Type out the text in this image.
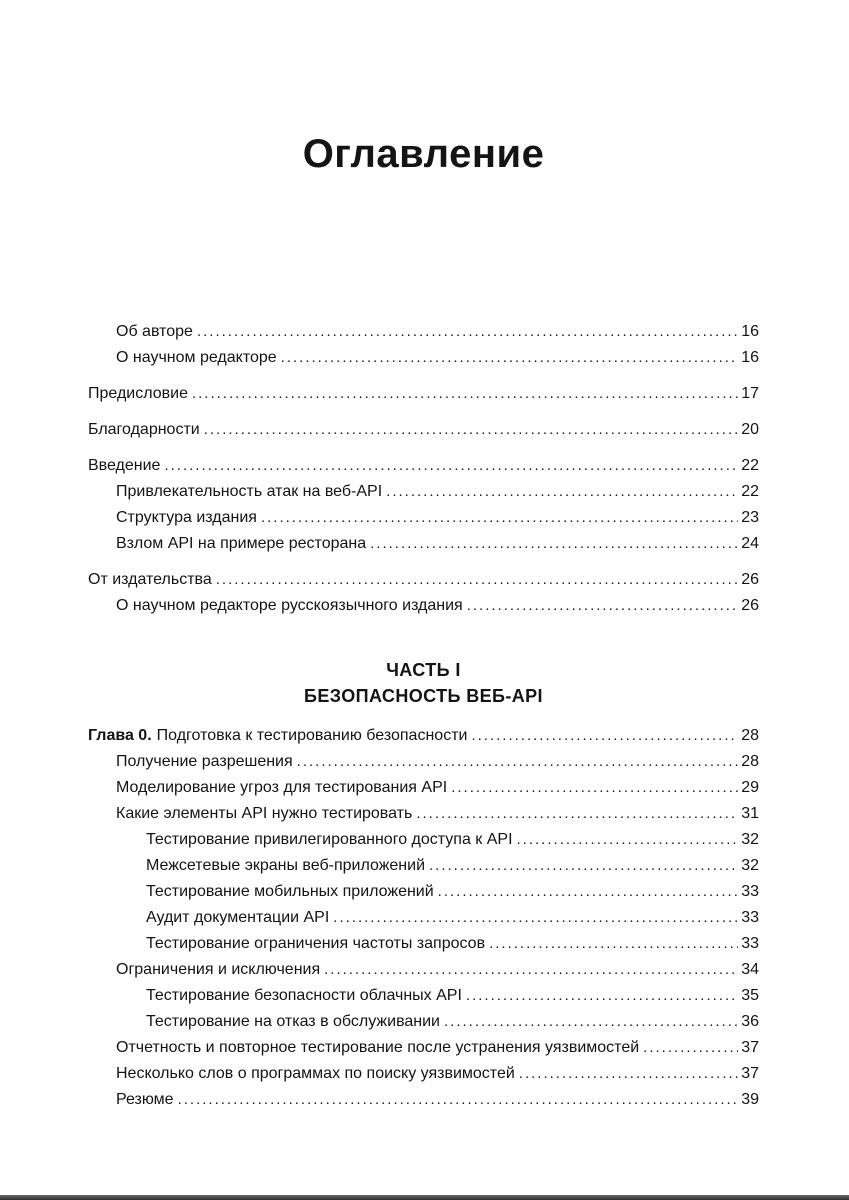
Оглавление
Об авторе .....	16
О научном редакторе .....	16
Предисловие .....	17
Благодарности .....	20
Введение .....	22
Привлекательность атак на веб-API .....	22
Структура издания .....	23
Взлом API на примере ресторана .....	24
От издательства .....	26
О научном редакторе русскоязычного издания .....	26
ЧАСТЬ I
БЕЗОПАСНОСТЬ ВЕБ-API
Глава 0. Подготовка к тестированию безопасности .....	28
Получение разрешения .....	28
Моделирование угроз для тестирования API .....	29
Какие элементы API нужно тестировать .....	31
Тестирование привилегированного доступа к API .....	32
Межсетевые экраны веб-приложений .....	32
Тестирование мобильных приложений .....	33
Аудит документации API .....	33
Тестирование ограничения частоты запросов .....	33
Ограничения и исключения .....	34
Тестирование безопасности облачных API .....	35
Тестирование на отказ в обслуживании .....	36
Отчетность и повторное тестирование после устранения уязвимостей .....	37
Несколько слов о программах по поиску уязвимостей .....	37
Резюме .....	39
